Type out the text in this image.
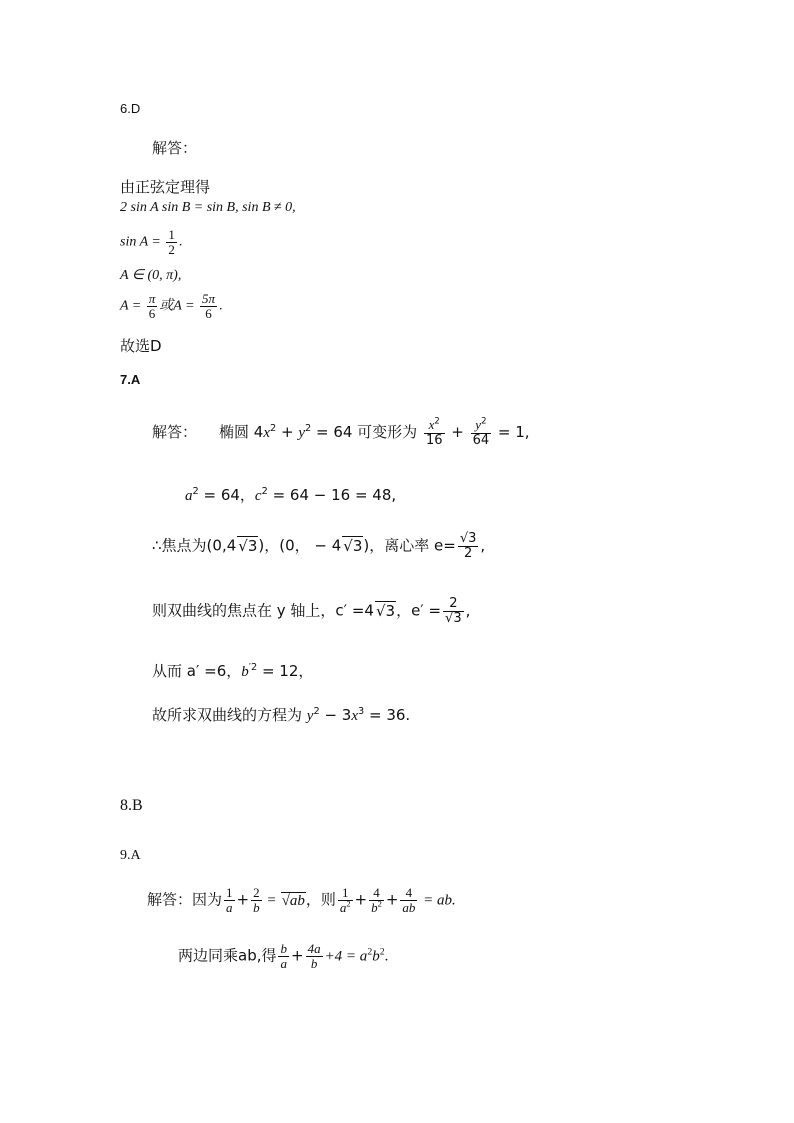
6.D
解答：
由正弦定理得
2 sin A sin B = sin B, sin B ≠ 0,
$\sin A = \frac{1}{2}$ .
A ∈ (0, π),
$A = \frac{\pi}{6}$ 或$A = \frac{5\pi}{6}$ .
故选D
7.A
解答： 椭圆 $4x^2 + y^2 = 64$ 可变形为 $\frac{x^2}{16} + \frac{y^2}{64} = 1$,
$a^2 = 64$，$c^2 = 64 - 16 = 48$,
∴焦点为(0,4 √ 3)，(0， − 4 √ 3)，离心率 e= √ $\frac{3}{2}$ ,
则双曲线的焦点在 y 轴上，c′ =4 √ 3，e′ = 2
√ 3 ,
从而 a′ =6，$b^{'2} = 12$，
故所求双曲线的方程为 $y^2 - 3x^3 = 36$.
8.B
9.A
解答：因为 $\frac{1}{a} + \frac{2}{b}$ = √ ab，则 $\frac{1}{a^2} + \frac{4}{b^2} + \frac{4}{ab}$ = ab.
两边同乘ab,得 $\frac{b}{a} + \frac{4a}{b} +4 = a^2b^2$.
